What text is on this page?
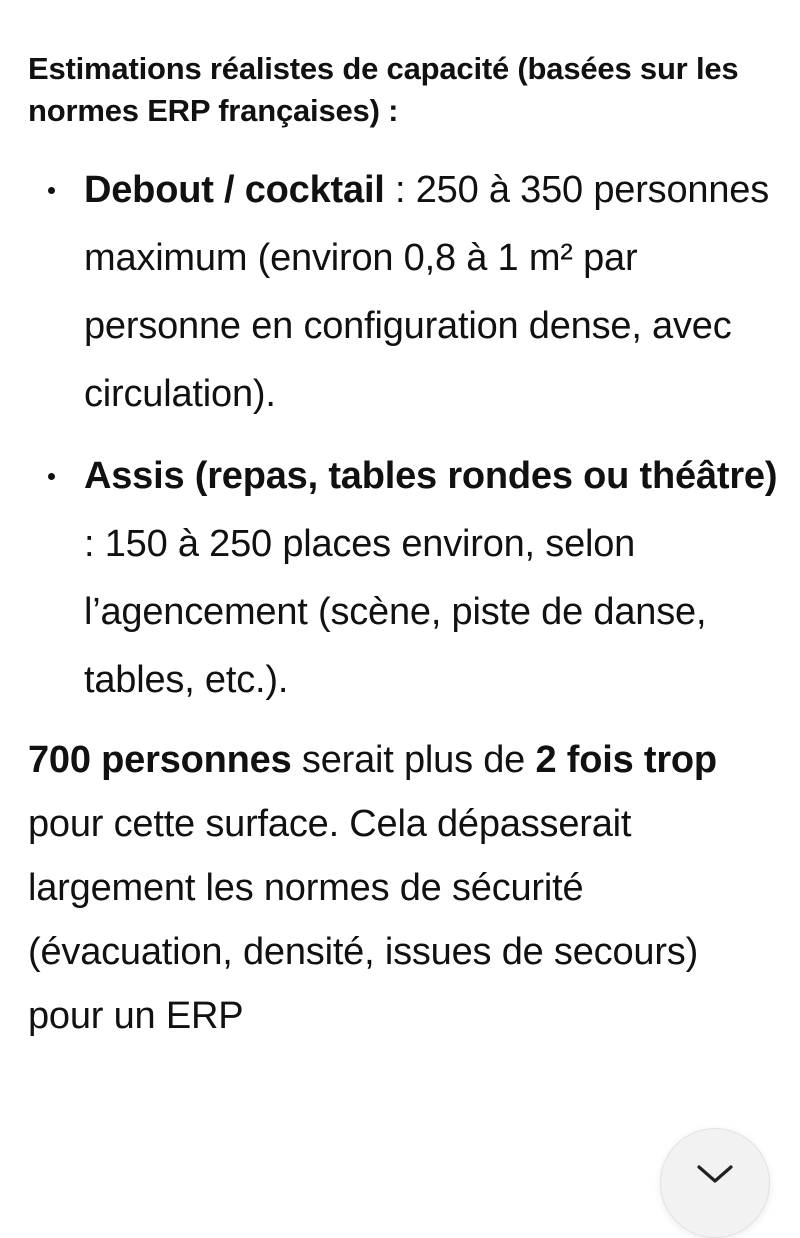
Estimations réalistes de capacité (basées sur les normes ERP françaises) :
Debout / cocktail : 250 à 350 personnes maximum (environ 0,8 à 1 m² par personne en configuration dense, avec circulation).
Assis (repas, tables rondes ou théâtre) : 150 à 250 places environ, selon l’agencement (scène, piste de danse, tables, etc.).

700 personnes serait plus de 2 fois trop pour cette surface. Cela dépasserait largement les normes de sécurité (évacuation, densité, issues de secours) pour un ERP
